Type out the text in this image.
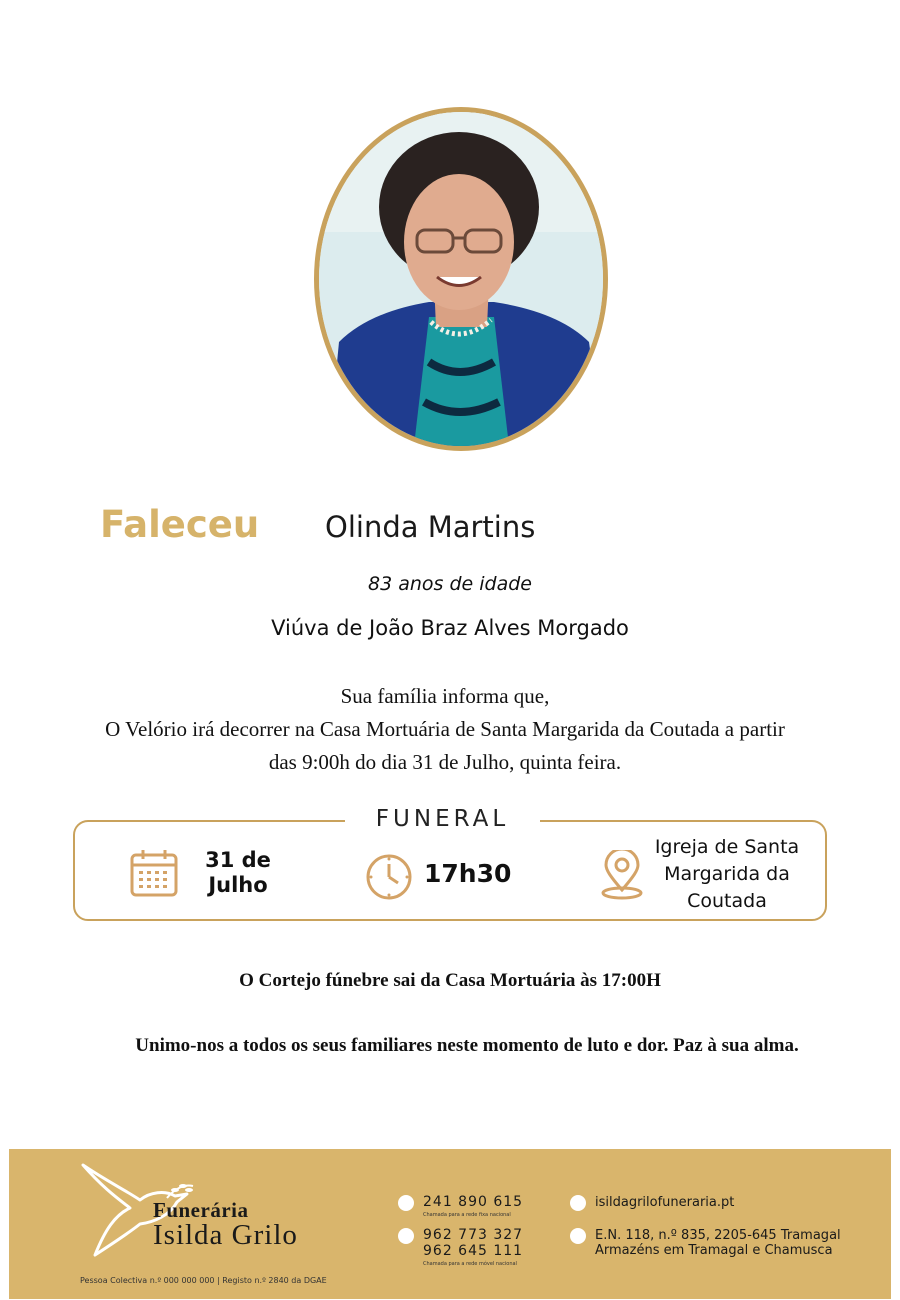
Faleceu Olinda Martins
83 anos de idade
Viúva de João Braz Alves Morgado
Sua família informa que,
O Velório irá decorrer na Casa Mortuária de Santa Margarida da Coutada a partir
das 9:00h do dia 31 de Julho, quinta feira.
FUNERAL
31 de
Julho	17h30
Igreja de Santa
Margarida da
Coutada
O Cortejo fúnebre sai da Casa Mortuária às 17:00H
Unimo-nos a todos os seus familiares neste momento de luto e dor. Paz à sua alma.
Funerária
Isilda Grilo
Pessoa Colectiva n.º 000 000 000 | Registo n.º 2840 da DGAE
241 890 615
Chamada para a rede fixa nacional
962 773 327
962 645 111
Chamada para a rede móvel nacional
isildagrilofuneraria.pt
E.N. 118, n.º 835, 2205-645 Tramagal
Armazéns em Tramagal e Chamusca
